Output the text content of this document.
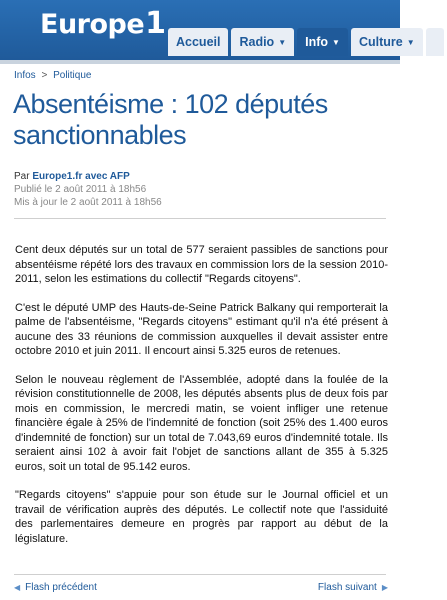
Europe1
Accueil Radio ▼ Info ▼ Culture ▼
Infos > Politique
Absentéisme : 102 députés sanctionnables
Par Europe1.fr avec AFP
Publié le 2 août 2011 à 18h56
Mis à jour le 2 août 2011 à 18h56

Cent deux députés sur un total de 577 seraient passibles de sanctions pour absentéisme répété lors des travaux en commission lors de la session 2010-2011, selon les estimations du collectif "Regards citoyens".

C'est le député UMP des Hauts-de-Seine Patrick Balkany qui remporterait la palme de l'absentéisme, "Regards citoyens" estimant qu'il n'a été présent à aucune des 33 réunions de commission auxquelles il devait assister entre octobre 2010 et juin 2011. Il encourt ainsi 5.325 euros de retenues.

Selon le nouveau règlement de l'Assemblée, adopté dans la foulée de la révision constitutionnelle de 2008, les députés absents plus de deux fois par mois en commission, le mercredi matin, se voient infliger une retenue financière égale à 25% de l'indemnité de fonction (soit 25% des 1.400 euros d'indemnité de fonction) sur un total de 7.043,69 euros d'indemnité totale. Ils seraient ainsi 102 à avoir fait l'objet de sanctions allant de 355 à 5.325 euros, soit un total de 95.142 euros.

"Regards citoyens" s'appuie pour son étude sur le Journal officiel et un travail de vérification auprès des députés. Le collectif note que l'assiduité des parlementaires demeure en progrès par rapport au début de la législature.

◀ Flash précédent	Flash suivant ▶
